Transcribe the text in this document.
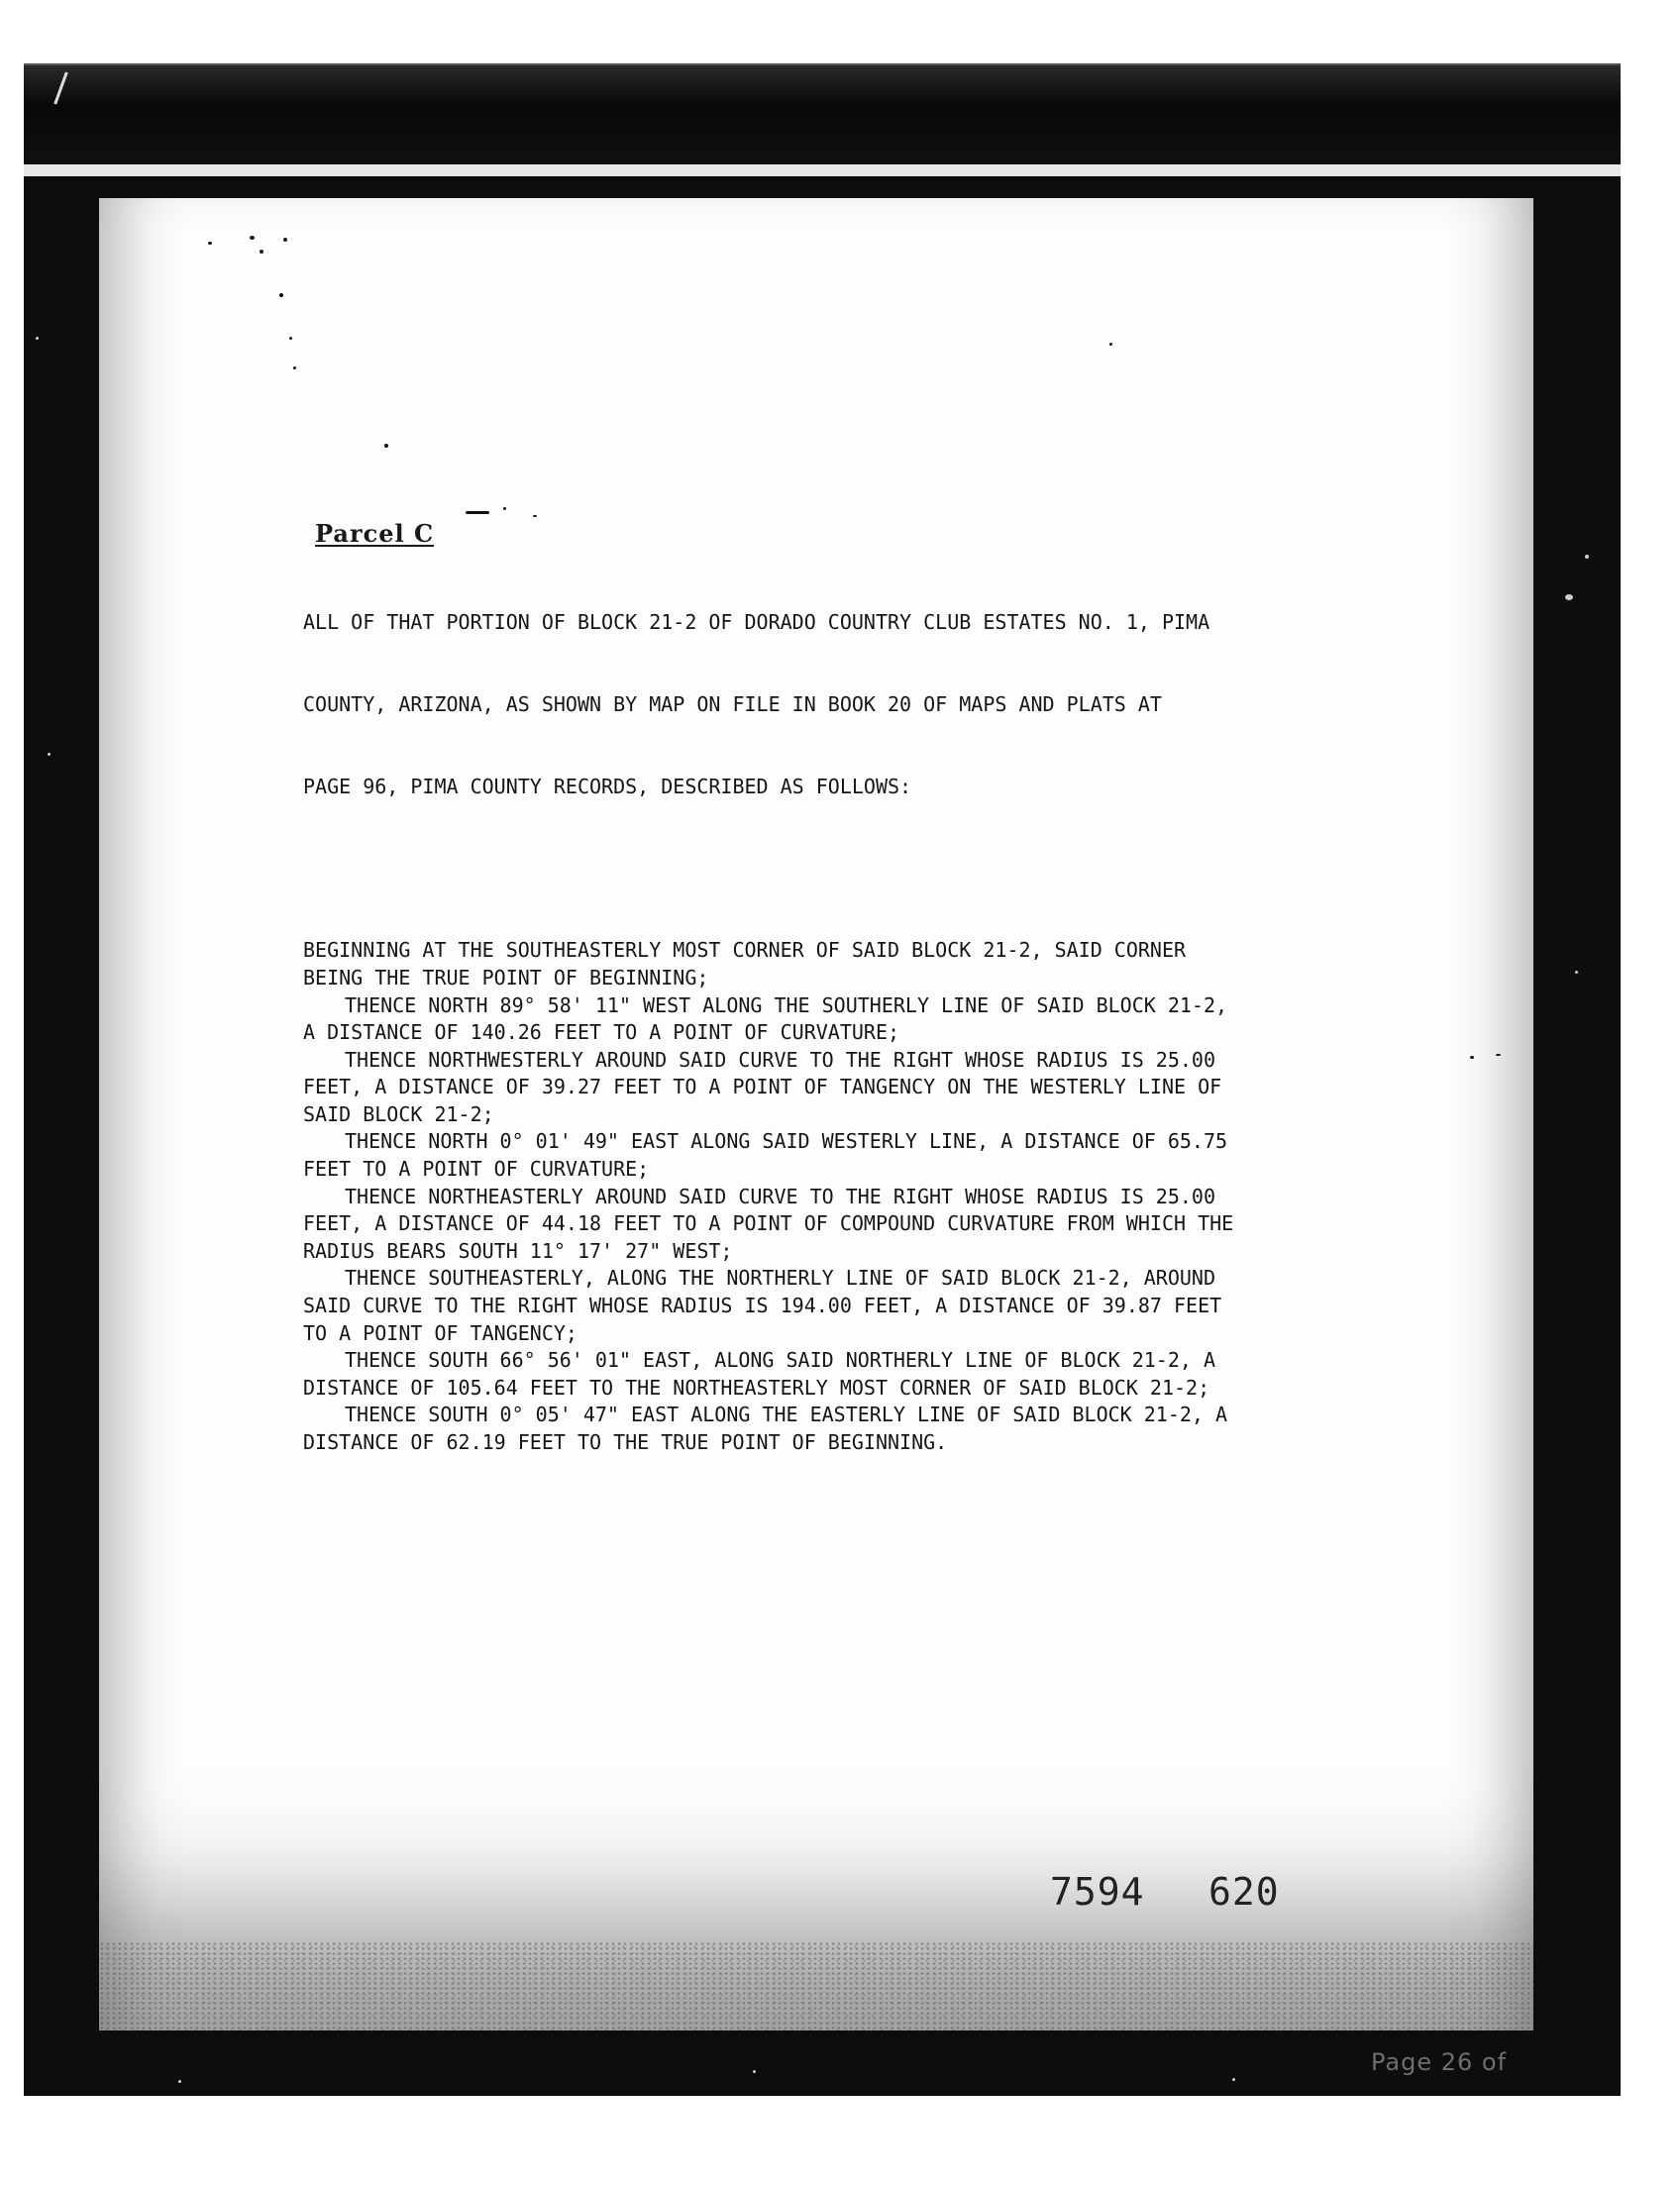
Parcel C

ALL OF THAT PORTION OF BLOCK 21-2 OF DORADO COUNTRY CLUB ESTATES NO. 1, PIMA

COUNTY, ARIZONA, AS SHOWN BY MAP ON FILE IN BOOK 20 OF MAPS AND PLATS AT

PAGE 96, PIMA COUNTY RECORDS, DESCRIBED AS FOLLOWS:

BEGINNING AT THE SOUTHEASTERLY MOST CORNER OF SAID BLOCK 21-2, SAID CORNER
BEING THE TRUE POINT OF BEGINNING;
THENCE NORTH 89° 58' 11" WEST ALONG THE SOUTHERLY LINE OF SAID BLOCK 21-2,
A DISTANCE OF 140.26 FEET TO A POINT OF CURVATURE;
THENCE NORTHWESTERLY AROUND SAID CURVE TO THE RIGHT WHOSE RADIUS IS 25.00
FEET, A DISTANCE OF 39.27 FEET TO A POINT OF TANGENCY ON THE WESTERLY LINE OF
SAID BLOCK 21-2;
THENCE NORTH 0° 01' 49" EAST ALONG SAID WESTERLY LINE, A DISTANCE OF 65.75
FEET TO A POINT OF CURVATURE;
THENCE NORTHEASTERLY AROUND SAID CURVE TO THE RIGHT WHOSE RADIUS IS 25.00
FEET, A DISTANCE OF 44.18 FEET TO A POINT OF COMPOUND CURVATURE FROM WHICH THE
RADIUS BEARS SOUTH 11° 17' 27" WEST;
THENCE SOUTHEASTERLY, ALONG THE NORTHERLY LINE OF SAID BLOCK 21-2, AROUND
SAID CURVE TO THE RIGHT WHOSE RADIUS IS 194.00 FEET, A DISTANCE OF 39.87 FEET
TO A POINT OF TANGENCY;
THENCE SOUTH 66° 56' 01" EAST, ALONG SAID NORTHERLY LINE OF BLOCK 21-2, A
DISTANCE OF 105.64 FEET TO THE NORTHEASTERLY MOST CORNER OF SAID BLOCK 21-2;
THENCE SOUTH 0° 05' 47" EAST ALONG THE EASTERLY LINE OF SAID BLOCK 21-2, A
DISTANCE OF 62.19 FEET TO THE TRUE POINT OF BEGINNING.

7594 620
Page 26 of
